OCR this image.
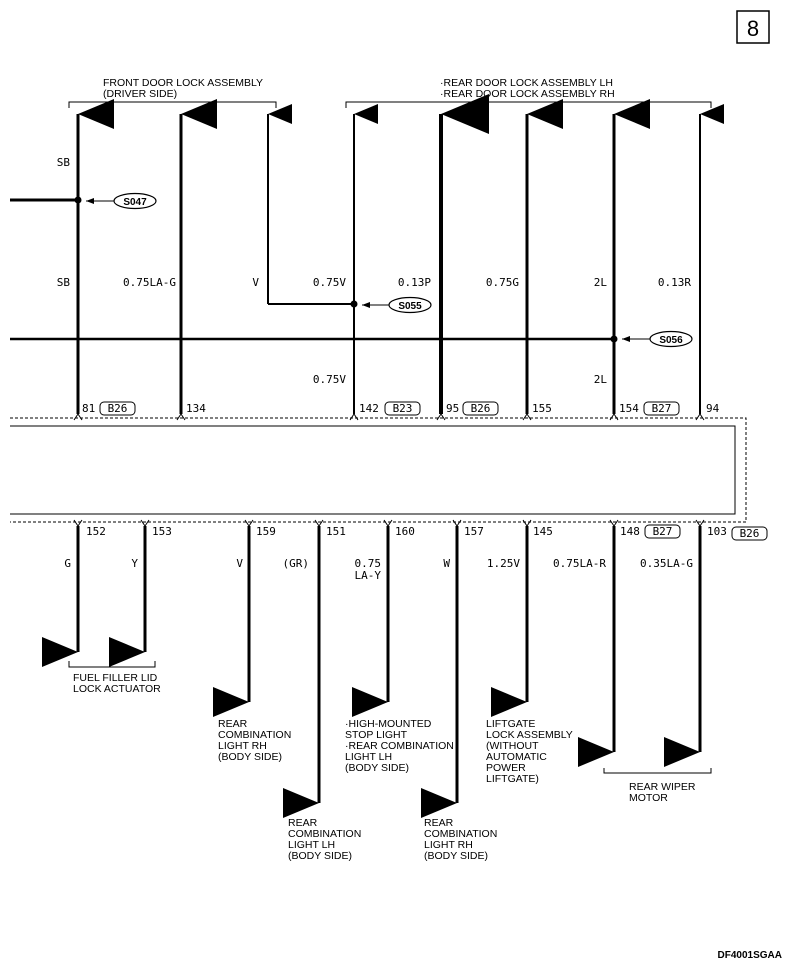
8
FRONT DOOR LOCK ASSEMBLY
(DRIVER SIDE)
·REAR DOOR LOCK ASSEMBLY LH
·REAR DOOR LOCK ASSEMBLY RH
S047
S055
S056
SB
SB	0.75LA-G	V	0.75V
0.75V
0.13P	0.75G	2L
2L
0.13R
81 B26	134	142 B23	95 B26	155	154 B27	94
152	153	159	151	160	157	145	148 B27	103 B26
G	Y	V	(GR)	0.75
LA-Y
W	1.25V	0.75LA-R	0.35LA-G
FUEL FILLER LID
LOCK ACTUATOR
REAR WIPER
MOTOR
REAR
COMBINATION
LIGHT RH
(BODY SIDE)
REAR
COMBINATION
LIGHT LH
(BODY SIDE)
·HIGH-MOUNTED
STOP LIGHT
·REAR COMBINATION
LIGHT LH
(BODY SIDE)
REAR
COMBINATION
LIGHT RH
(BODY SIDE)
LIFTGATE
LOCK ASSEMBLY
(WITHOUT
AUTOMATIC
POWER
LIFTGATE)
DF4001SGAA
